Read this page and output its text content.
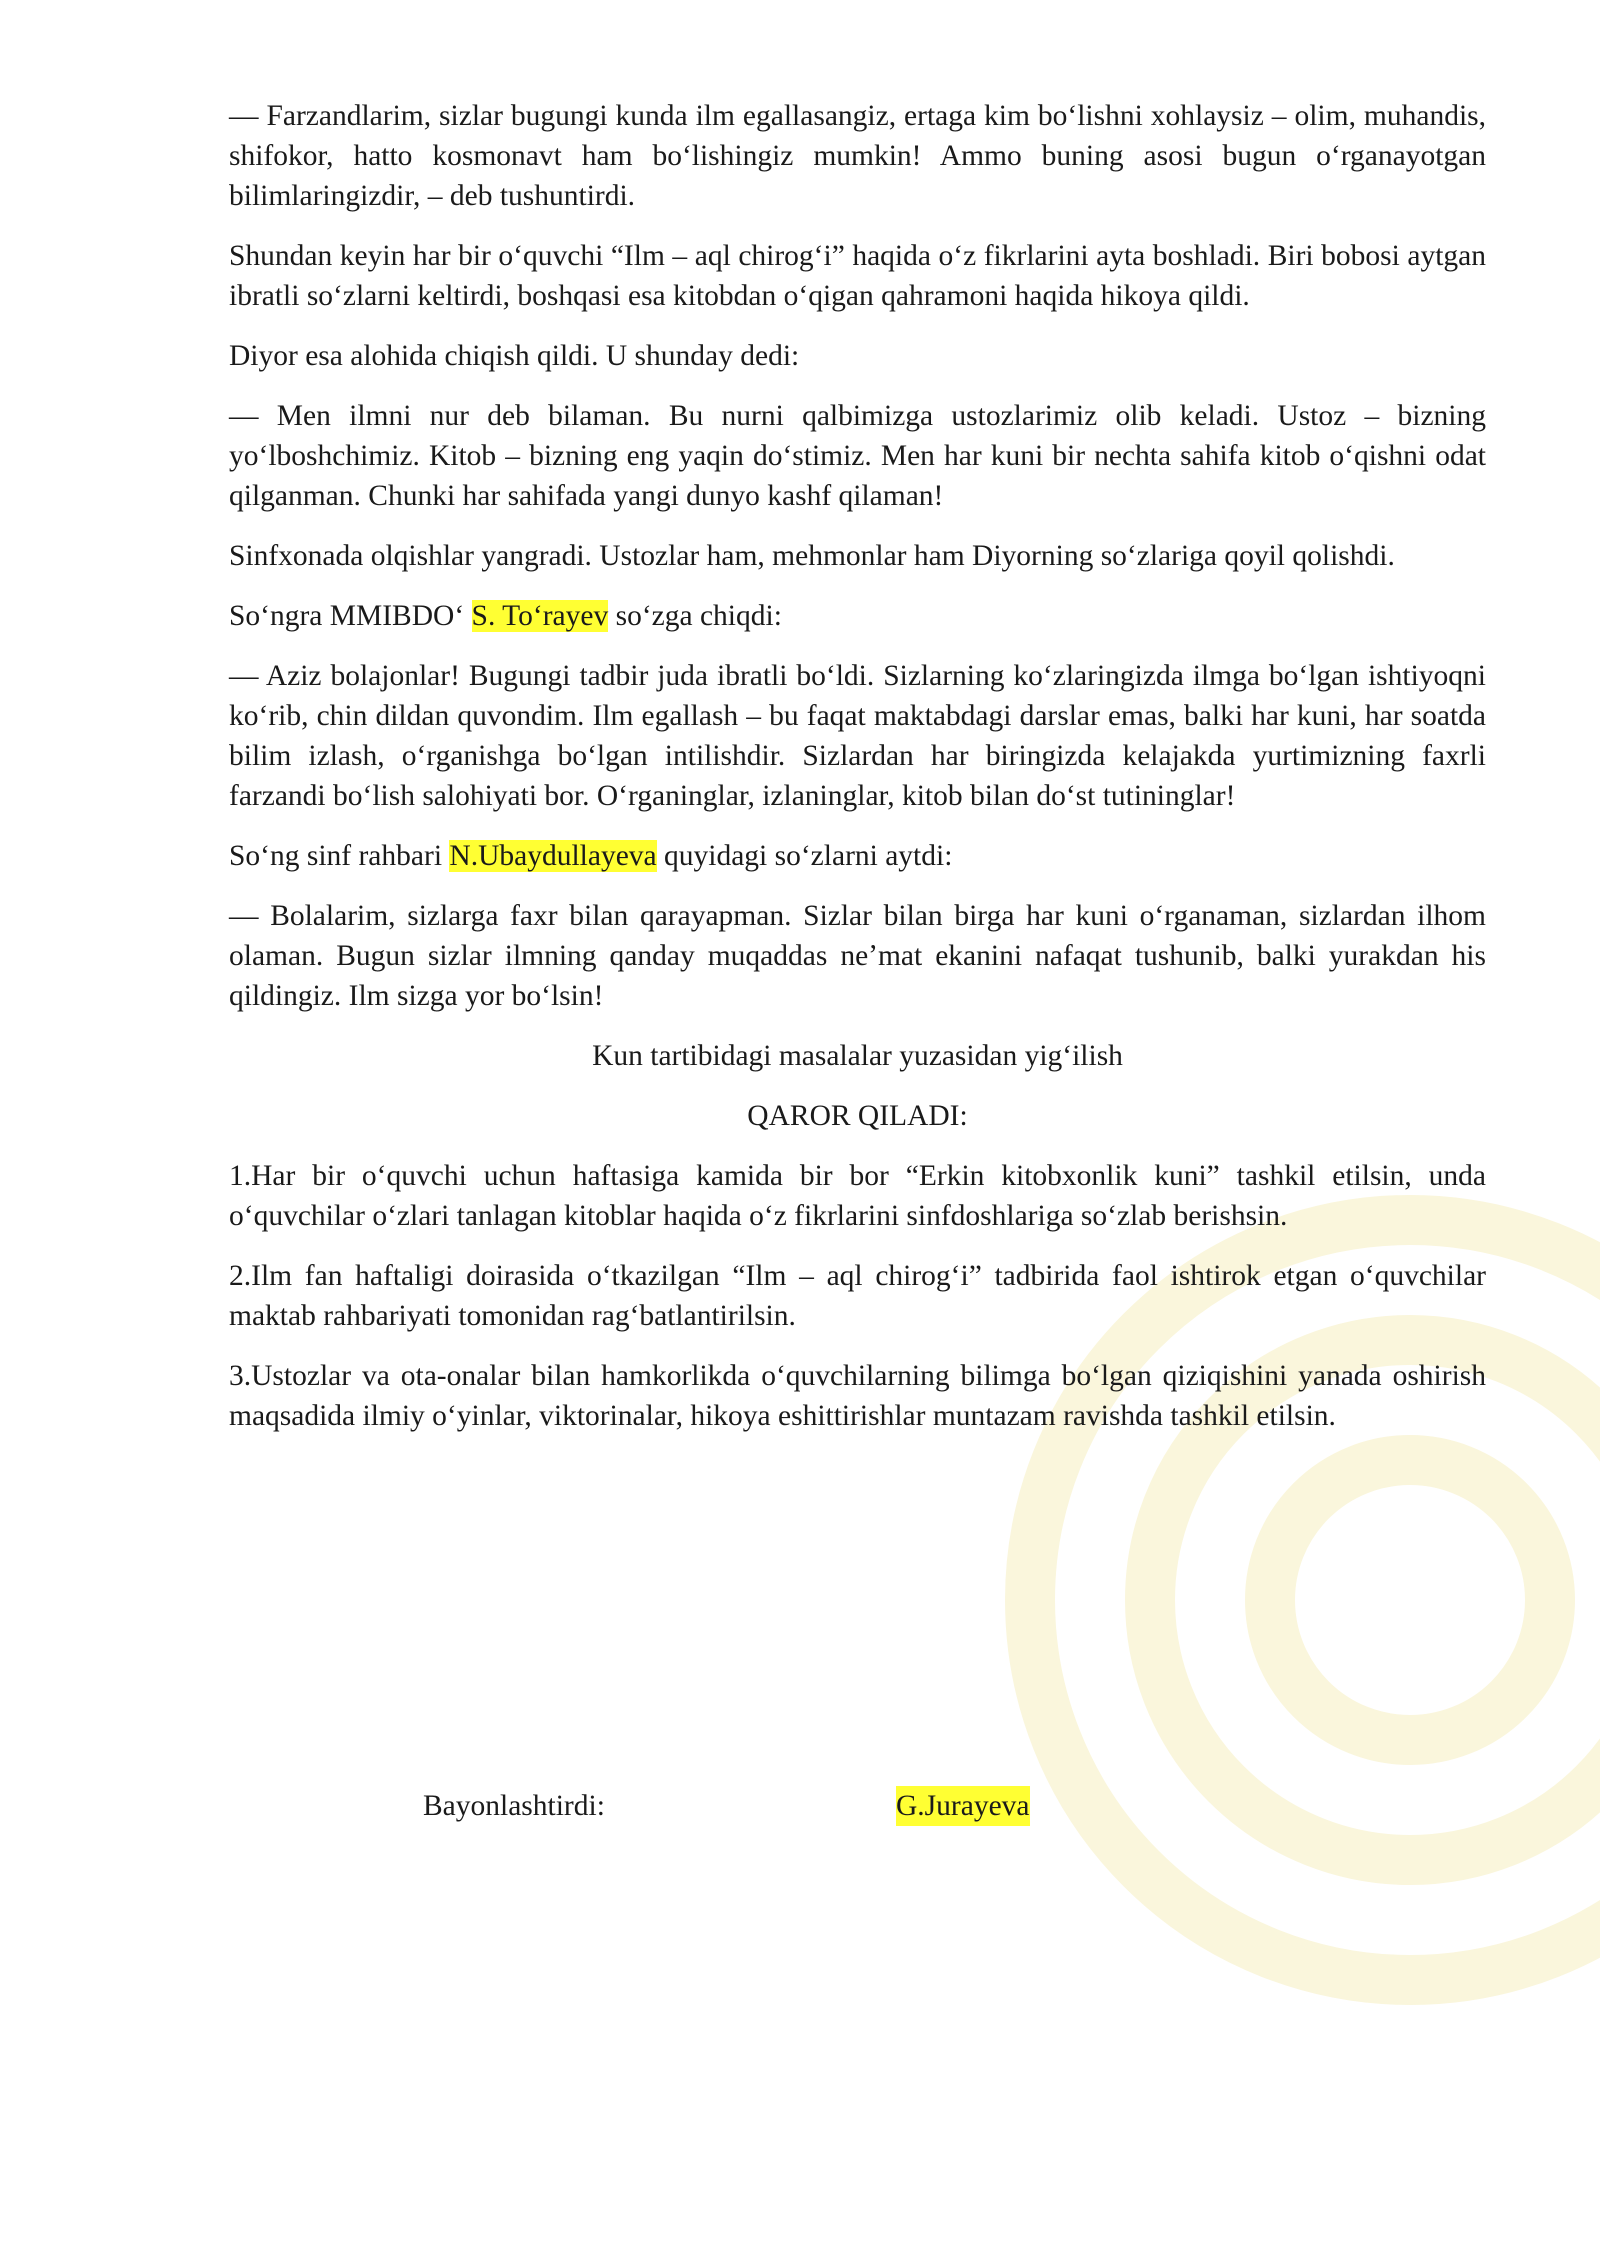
— Farzandlarim, sizlar bugungi kunda ilm egallasangiz, ertaga kim boʻlishni xohlaysiz – olim, muhandis, shifokor, hatto kosmonavt ham boʻlishingiz mumkin! Ammo buning asosi bugun oʻrganayotgan bilimlaringizdir, – deb tushuntirdi.

Shundan keyin har bir oʻquvchi “Ilm – aql chirogʻi” haqida oʻz fikrlarini ayta boshladi. Biri bobosi aytgan ibratli soʻzlarni keltirdi, boshqasi esa kitobdan oʻqigan qahramoni haqida hikoya qildi.

Diyor esa alohida chiqish qildi. U shunday dedi:

— Men ilmni nur deb bilaman. Bu nurni qalbimizga ustozlarimiz olib keladi. Ustoz – bizning yoʻlboshchimiz. Kitob – bizning eng yaqin doʻstimiz. Men har kuni bir nechta sahifa kitob oʻqishni odat qilganman. Chunki har sahifada yangi dunyo kashf qilaman!

Sinfxonada olqishlar yangradi. Ustozlar ham, mehmonlar ham Diyorning soʻzlariga qoyil qolishdi.

Soʻngra MMIBDOʻ S. Toʻrayev soʻzga chiqdi:

— Aziz bolajonlar! Bugungi tadbir juda ibratli boʻldi. Sizlarning koʻzlaringizda ilmga boʻlgan ishtiyoqni koʻrib, chin dildan quvondim. Ilm egallash – bu faqat maktabdagi darslar emas, balki har kuni, har soatda bilim izlash, oʻrganishga boʻlgan intilishdir. Sizlardan har biringizda kelajakda yurtimizning faxrli farzandi boʻlish salohiyati bor. Oʻrganinglar, izlaninglar, kitob bilan doʻst tutininglar!

Soʻng sinf rahbari N.Ubaydullayeva quyidagi soʻzlarni aytdi:

— Bolalarim, sizlarga faxr bilan qarayapman. Sizlar bilan birga har kuni oʻrganaman, sizlardan ilhom olaman. Bugun sizlar ilmning qanday muqaddas neʼmat ekanini nafaqat tushunib, balki yurakdan his qildingiz. Ilm sizga yor boʻlsin!

Kun tartibidagi masalalar yuzasidan yigʻilish

QAROR QILADI:

1.Har bir oʻquvchi uchun haftasiga kamida bir bor “Erkin kitobxonlik kuni” tashkil etilsin, unda oʻquvchilar oʻzlari tanlagan kitoblar haqida oʻz fikrlarini sinfdoshlariga soʻzlab berishsin.

2.Ilm fan haftaligi doirasida oʻtkazilgan “Ilm – aql chirogʻi” tadbirida faol ishtirok etgan oʻquvchilar maktab rahbariyati tomonidan ragʻbatlantirilsin.

3.Ustozlar va ota-onalar bilan hamkorlikda oʻquvchilarning bilimga boʻlgan qiziqishini yanada oshirish maqsadida ilmiy oʻyinlar, viktorinalar, hikoya eshittirishlar muntazam ravishda tashkil etilsin.

Bayonlashtirdi:	G.Jurayeva
